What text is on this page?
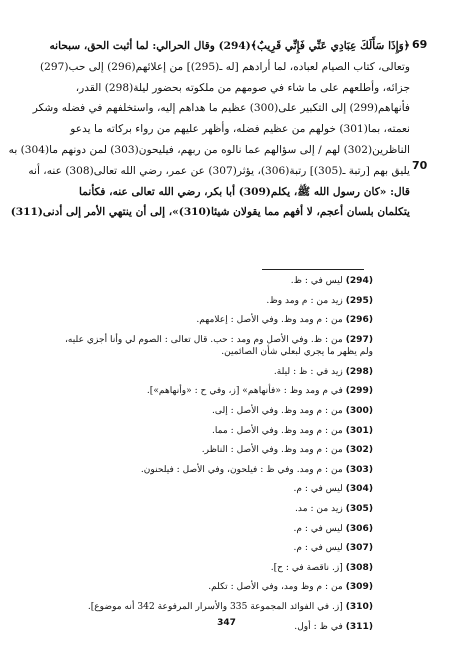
69
70
﴿وَإِذَا سَأَلَكَ عِبَادِي عَنِّي فَإِنِّي قَرِيبٌ﴾(294) وقال الحرالي: لما أثبت الحق، سبحانه
وتعالى، كتاب الصيام لعباده، لما أرادهم [له ـ(295)] من إعلائهم(296) إلى حب(297)
جزائه، وأطلعهم على ما شاء في صومهم من ملكوته بحضور ليلة(298) القدر،
فأنهاهم(299) إلى التكبير على(300) عظيم ما هداهم إليه، واستخلفهم في فضله وشكر
نعمته، بما(301) خولهم من عظيم فضله، وأظهر عليهم من رواء بركاته ما يدعو
الناظرين(302) لهم / إلى سؤالهم عما نالوه من ربهم، فيليحون(303) لمن دونهم ما(304) به
يليق بهم [رتبة ـ(305)] رتبة(306)، يؤثر(307) عن عمر، رضي الله تعالى(308) عنه، أنه
قال: «كان رسول الله ﷺ، يكلم(309) أبا بكر، رضي الله تعالى عنه، فكأنما
يتكلمان بلسان أعجم، لا أفهم مما يقولان شيئا(310)»، إلى أن ينتهي الأمر إلى أدنى(311)
(294) ليس في : ظ.
(295) زيد من : م ومد وظ.
(296) من : م ومد وظ. وفي الأصل : إعلامهم.
(297) من : ظ. وفي الأصل وم ومد : حب. قال تعالى : الصوم لي وأنا أجزي عليه، ولم يظهر ما يجري لبعلي شأن الصائمين.
(298) زيد في : ظ : ليلة.
(299) في م ومد وظ : «فأنهاهم» [ز، وفي ح : «وأنهاهم»].
(300) من : م ومد وظ. وفي الأصل : إلى.
(301) من : م ومد وظ. وفي الأصل : مما.
(302) من : م ومد وظ. وفي الأصل : الناظر.
(303) من : م ومد. وفي ظ : فيلحون، وفي الأصل : فيلحنون.
(304) ليس في : م.
(305) زيد من : مد.
(306) ليس في : م.
(307) ليس في : م.
(308) [ز. ناقصة في : ح].
(309) من : م وظ ومد، وفي الأصل : تكلم.
(310) [ز. في الفوائد المجموعة 335 والأسرار المرفوعة 342 أنه موضوع].
(311) في ظ : أول.
347
